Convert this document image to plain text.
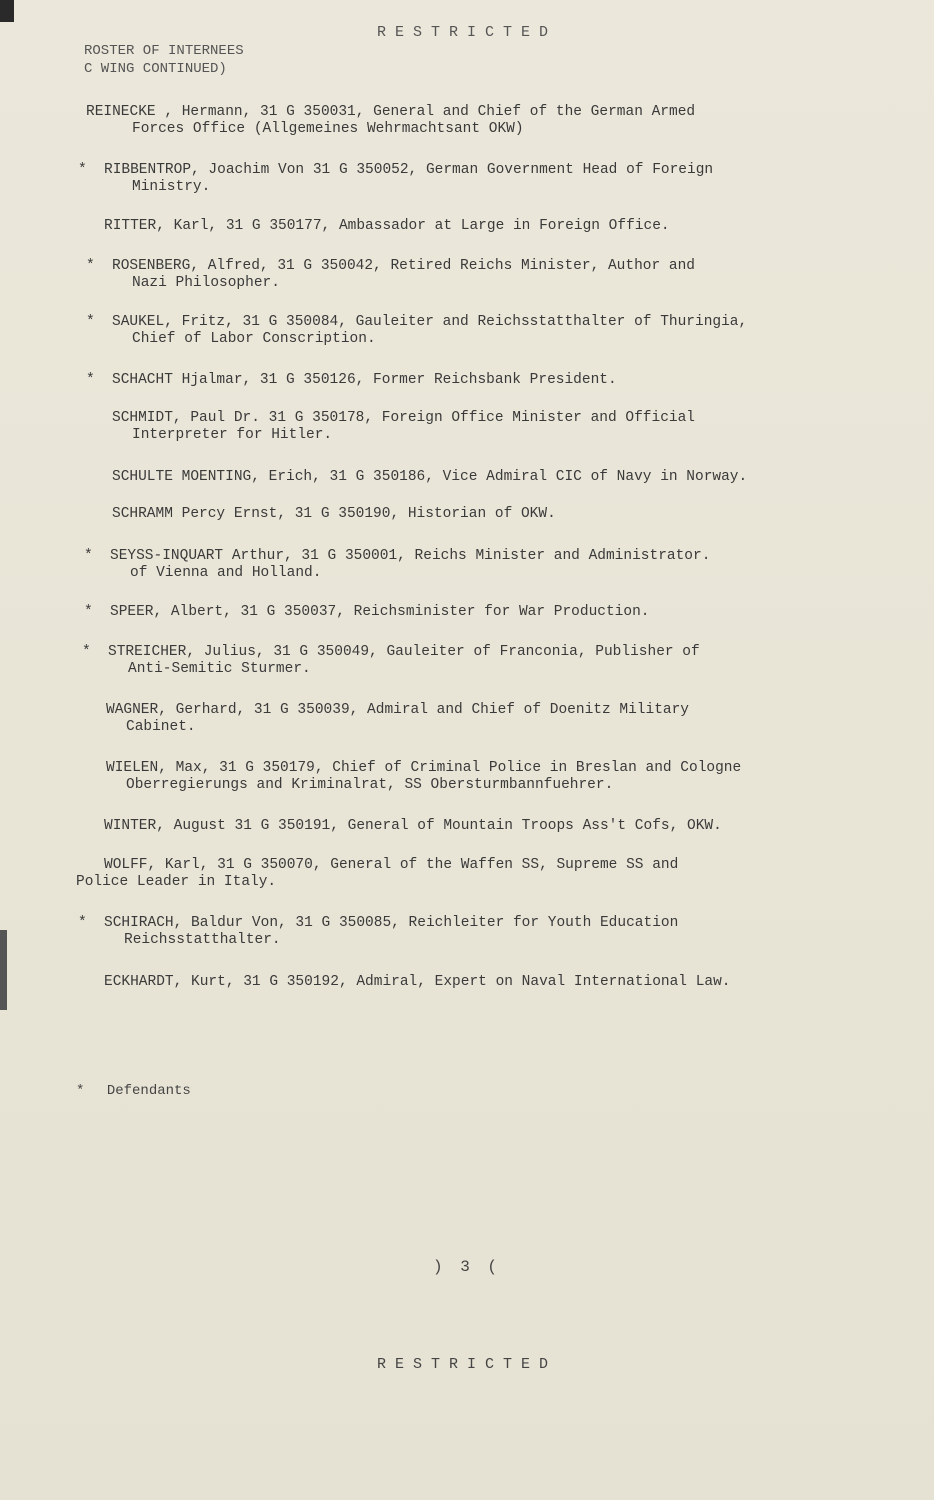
RESTRICTED
ROSTER OF INTERNEES
C WING CONTINUED)
REINECKE , Hermann, 31 G 350031, General and Chief of the German Armed
Forces Office (Allgemeines Wehrmachtsant OKW)
* RIBBENTROP, Joachim Von 31 G 350052, German Government Head of Foreign
Ministry.
RITTER, Karl, 31 G 350177, Ambassador at Large in Foreign Office.
* ROSENBERG, Alfred, 31 G 350042, Retired Reichs Minister, Author and
Nazi Philosopher.
* SAUKEL, Fritz, 31 G 350084, Gauleiter and Reichsstatthalter of Thuringia,
Chief of Labor Conscription.
* SCHACHT Hjalmar, 31 G 350126, Former Reichsbank President.
SCHMIDT, Paul Dr. 31 G 350178, Foreign Office Minister and Official
Interpreter for Hitler.
SCHULTE MOENTING, Erich, 31 G 350186, Vice Admiral CIC of Navy in Norway.
SCHRAMM Percy Ernst, 31 G 350190, Historian of OKW.
* SEYSS-INQUART Arthur, 31 G 350001, Reichs Minister and Administrator.
of Vienna and Holland.
* SPEER, Albert, 31 G 350037, Reichsminister for War Production.
* STREICHER, Julius, 31 G 350049, Gauleiter of Franconia, Publisher of
Anti-Semitic Sturmer.
WAGNER, Gerhard, 31 G 350039, Admiral and Chief of Doenitz Military
Cabinet.
WIELEN, Max, 31 G 350179, Chief of Criminal Police in Breslan and Cologne
Oberregierungs and Kriminalrat, SS Obersturmbannfuehrer.
WINTER, August 31 G 350191, General of Mountain Troops Ass't Cofs, OKW.
WOLFF, Karl, 31 G 350070, General of the Waffen SS, Supreme SS and
Police Leader in Italy.
* SCHIRACH, Baldur Von, 31 G 350085, Reichleiter for Youth Education
Reichsstatthalter.
ECKHARDT, Kurt, 31 G 350192, Admiral, Expert on Naval International Law.
* Defendants
) 3 (
RESTRICTED
